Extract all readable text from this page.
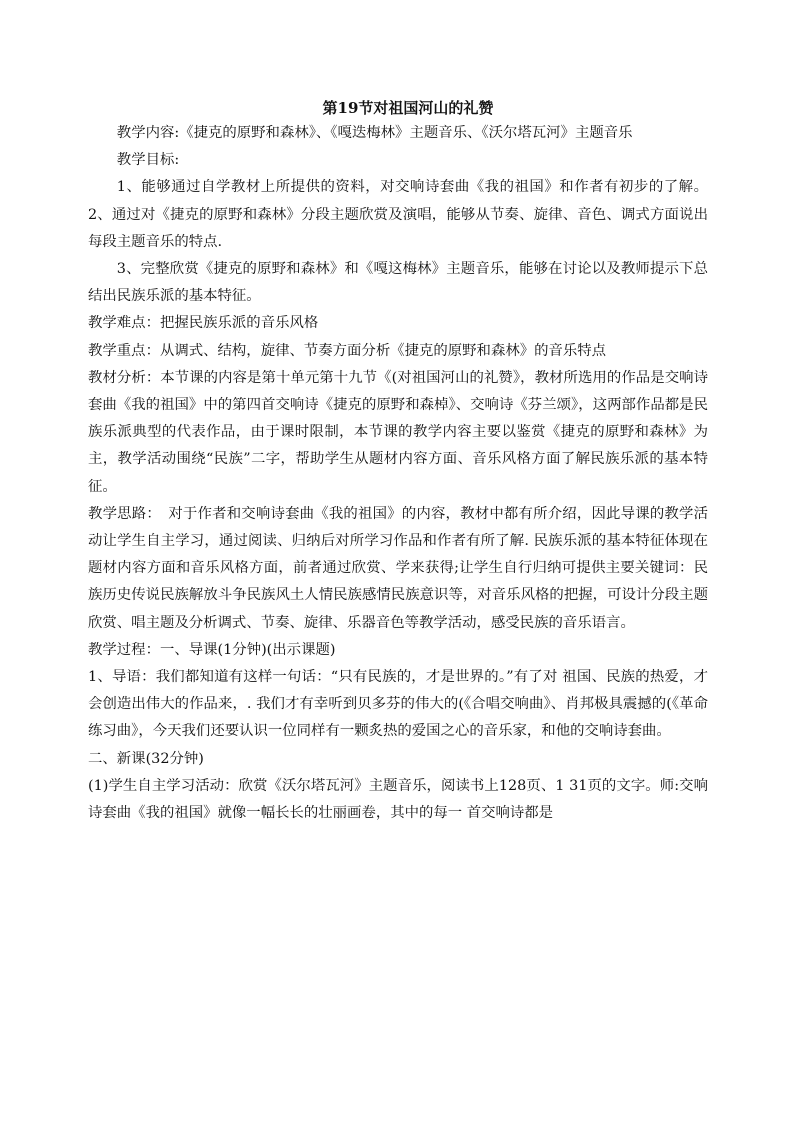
第19节对祖国河山的礼赞

教学内容:《捷克的原野和森林》、《嘎迭梅林》主题音乐、《沃尔塔瓦河》主题音乐

教学目标:

1、能够通过自学教材上所提供的资料，对交响诗套曲《我的祖国》和作者有初步的了解。2、通过对《捷克的原野和森林》分段主题欣赏及演唱，能够从节奏、旋律、音色、调式方面说出每段主题音乐的特点.

3、完整欣赏《捷克的原野和森林》和《嘎这梅林》主题音乐，能够在讨论以及教师提示下总结出民族乐派的基本特征。

教学难点：把握民族乐派的音乐风格

教学重点：从调式、结构，旋律、节奏方面分析《捷克的原野和森林》的音乐特点

教材分析：本节课的内容是第十单元第十九节《(对祖国河山的礼赞》，教材所选用的作品是交响诗套曲《我的祖国》中的第四首交响诗《捷克的原野和森棹》、交响诗《芬兰颂》，这两部作品都是民族乐派典型的代表作品，由于课时限制，本节课的教学内容主要以鉴赏《捷克的原野和森林》为主，教学活动围绕“民族”二字，帮助学生从题材内容方面、音乐风格方面了解民族乐派的基本特征。

教学思路：　对于作者和交响诗套曲《我的祖国》的内容，教材中都有所介绍，因此导课的教学活动让学生自主学习，通过阅读、归纳后对所学习作品和作者有所了解. 民族乐派的基本特征体现在题材内容方面和音乐风格方面，前者通过欣赏、学来获得;让学生自行归纳可提供主要关键词：民族历史传说民族解放斗争民族风土人情民族感情民族意识等，对音乐风格的把握，可设计分段主题欣赏、唱主题及分析调式、节奏、旋律、乐器音色等教学活动，感受民族的音乐语言。

教学过程：一、导课(1分钟)(出示课题)

1、导语：我们都知道有这样一句话：“只有民族的，才是世界的。”有了对 祖国、民族的热爱，才会创造出伟大的作品来，. 我们才有幸听到贝多芬的伟大的(《合唱交响曲》、肖邦极具震撼的(《革命练习曲》，今天我们还要认识一位同样有一颗炙热的爱国之心的音乐家，和他的交响诗套曲。

二、新课(32分钟)

(1)学生自主学习活动：欣赏《沃尔塔瓦河》主题音乐，阅读书上128页、1 31页的文字。师:交响诗套曲《我的祖国》就像一幅长长的壮丽画卷，其中的每一 首交响诗都是
